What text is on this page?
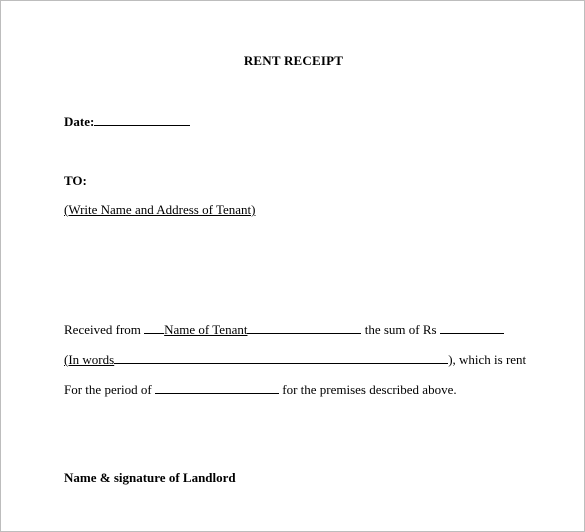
RENT RECEIPT
Date:
TO:
(Write Name and Address of Tenant)
Received from Name of Tenant	the sum of Rs
(In words	), which is rent
For the period of	for the premises described above.
Name & signature of Landlord
